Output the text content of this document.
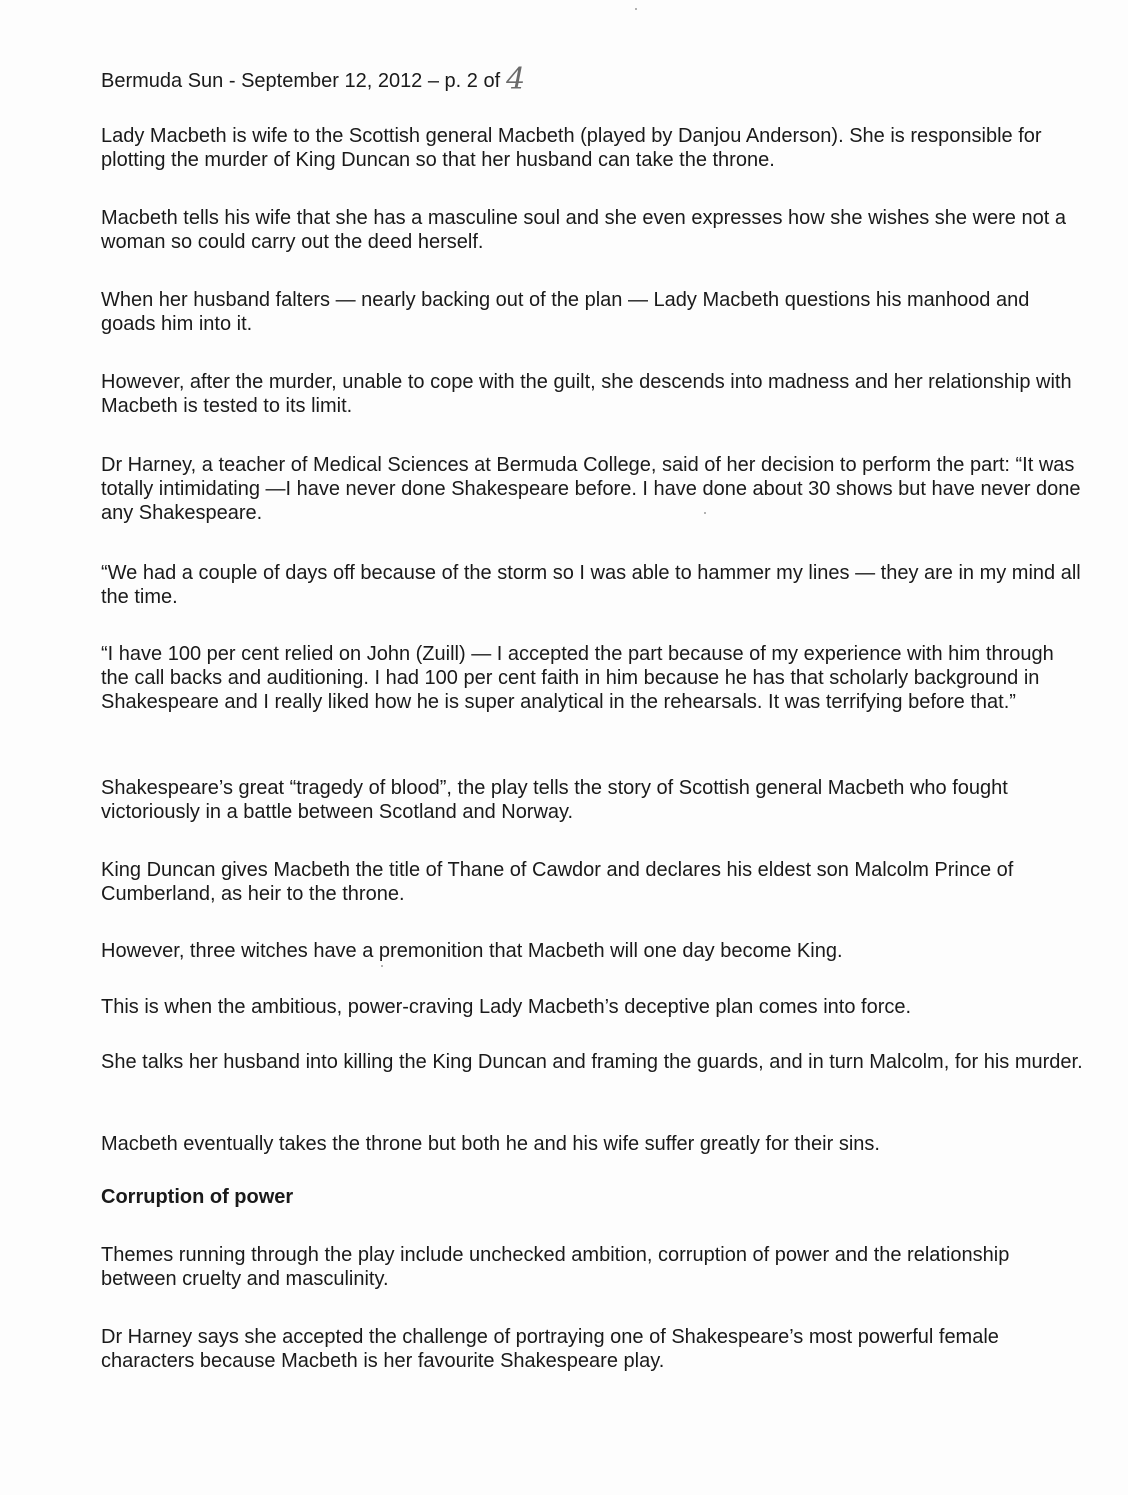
Bermuda Sun - September 12, 2012 – p. 2 of 4

Lady Macbeth is wife to the Scottish general Macbeth (played by Danjou Anderson). She is responsible for plotting the murder of King Duncan so that her husband can take the throne.

Macbeth tells his wife that she has a masculine soul and she even expresses how she wishes she were not a woman so could carry out the deed herself.

When her husband falters — nearly backing out of the plan — Lady Macbeth questions his manhood and goads him into it.

However, after the murder, unable to cope with the guilt, she descends into madness and her relationship with Macbeth is tested to its limit.

Dr Harney, a teacher of Medical Sciences at Bermuda College, said of her decision to perform the part: “It was totally intimidating —I have never done Shakespeare before. I have done about 30 shows but have never done any Shakespeare.

“We had a couple of days off because of the storm so I was able to hammer my lines — they are in my mind all the time.

“I have 100 per cent relied on John (Zuill) — I accepted the part because of my experience with him through the call backs and auditioning. I had 100 per cent faith in him because he has that scholarly background in Shakespeare and I really liked how he is super analytical in the rehearsals. It was terrifying before that.”

Shakespeare’s great “tragedy of blood”, the play tells the story of Scottish general Macbeth who fought victoriously in a battle between Scotland and Norway.

King Duncan gives Macbeth the title of Thane of Cawdor and declares his eldest son Malcolm Prince of Cumberland, as heir to the throne.

However, three witches have a premonition that Macbeth will one day become King.

This is when the ambitious, power-craving Lady Macbeth’s deceptive plan comes into force.

She talks her husband into killing the King Duncan and framing the guards, and in turn Malcolm, for his murder.

Macbeth eventually takes the throne but both he and his wife suffer greatly for their sins.

Corruption of power

Themes running through the play include unchecked ambition, corruption of power and the relationship between cruelty and masculinity.

Dr Harney says she accepted the challenge of portraying one of Shakespeare’s most powerful female characters because Macbeth is her favourite Shakespeare play.
